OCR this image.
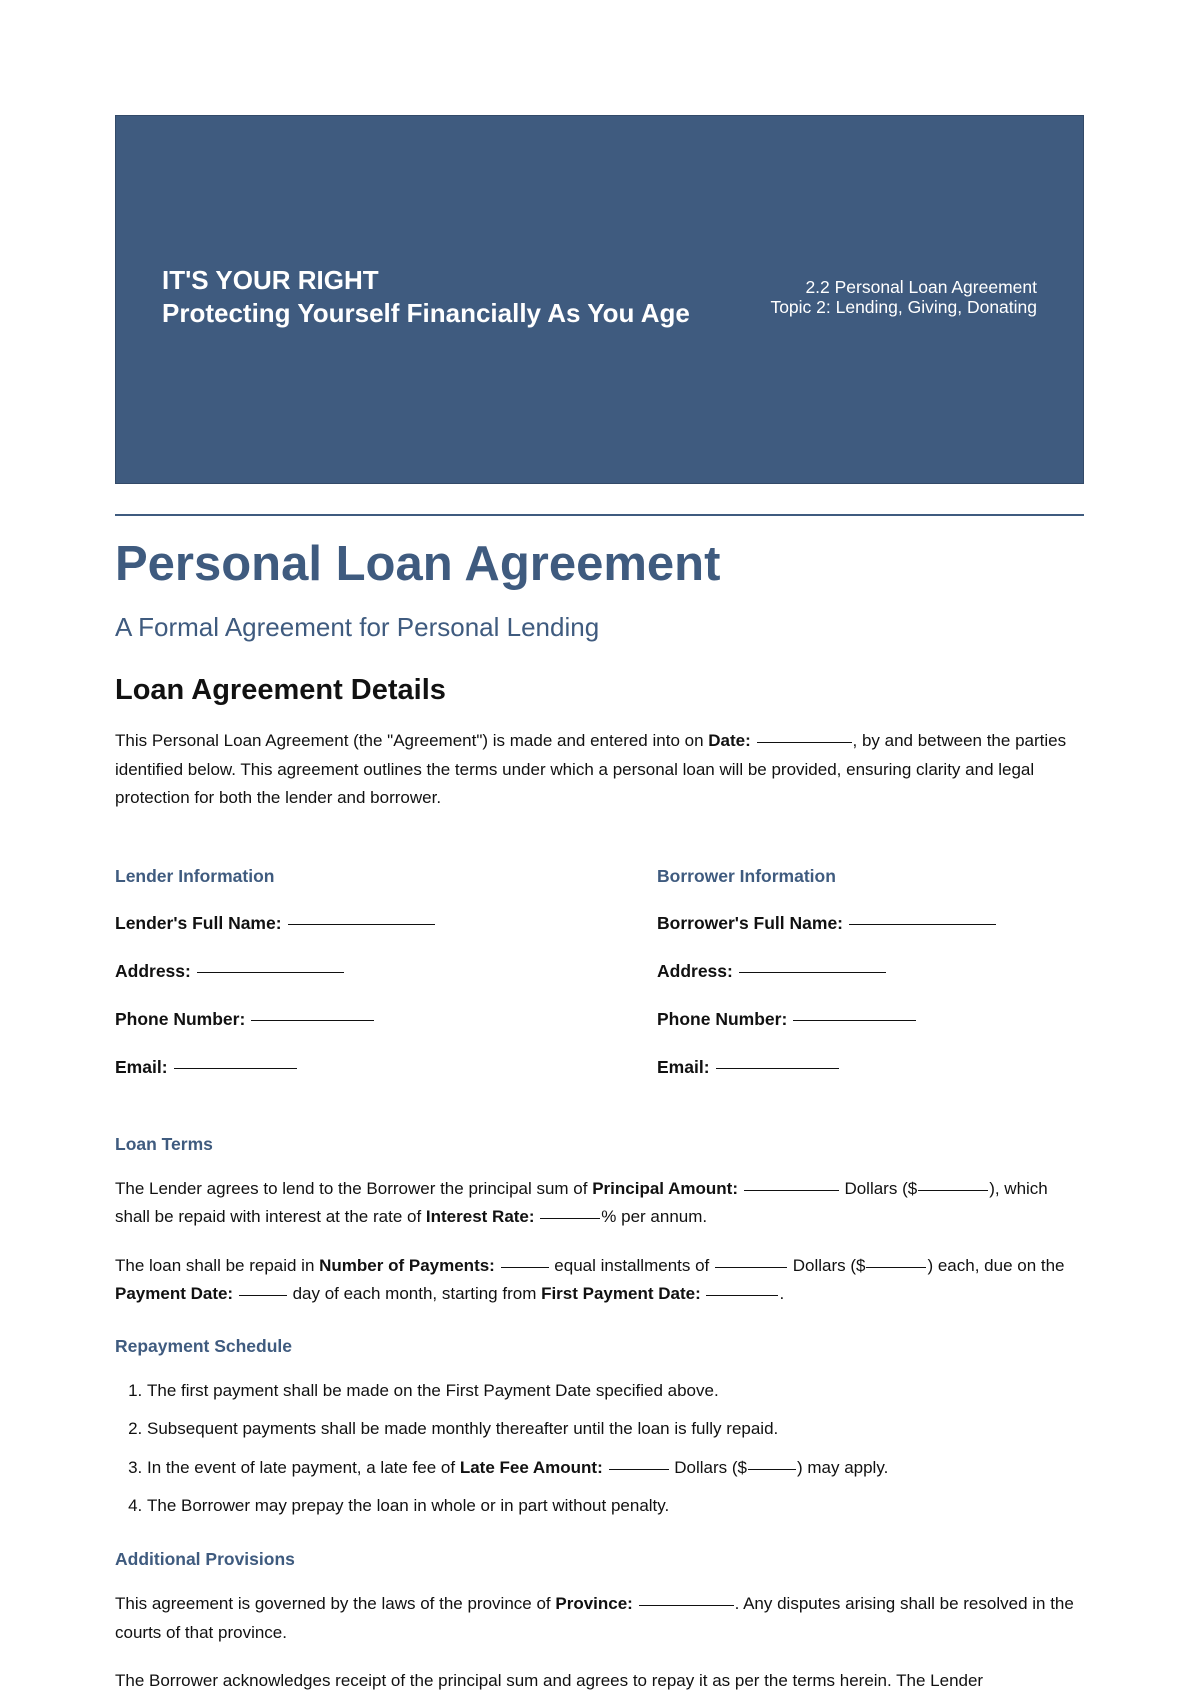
IT'S YOUR RIGHT
Protecting Yourself Financially As You Age
2.2 Personal Loan Agreement
Topic 2: Lending, Giving, Donating
Personal Loan Agreement
A Formal Agreement for Personal Lending
Loan Agreement Details

This Personal Loan Agreement (the "Agreement") is made and entered into on Date:	, by and between the parties identified below. This agreement outlines the terms under which a personal loan will be provided, ensuring clarity and legal protection for both the lender and borrower.

Lender Information
Lender's Full Name:
Address:
Phone Number:
Email:
Borrower Information
Borrower's Full Name:
Address:
Phone Number:
Email:
Loan Terms

The Lender agrees to lend to the Borrower the principal sum of Principal Amount:	Dollars ($	), which shall be repaid with interest at the rate of Interest Rate:	% per annum.

The loan shall be repaid in Number of Payments:	equal installments of	Dollars ($	) each, due on the Payment Date:	day of each month, starting from First Payment Date:	.

Repayment Schedule
1. The first payment shall be made on the First Payment Date specified above.
2. Subsequent payments shall be made monthly thereafter until the loan is fully repaid.
3. In the event of late payment, a late fee of Late Fee Amount:	Dollars ($	) may apply.
4. The Borrower may prepay the loan in whole or in part without penalty.
Additional Provisions

This agreement is governed by the laws of the province of Province:	. Any disputes arising shall be resolved in the courts of that province.

The Borrower acknowledges receipt of the principal sum and agrees to repay it as per the terms herein. The Lender
